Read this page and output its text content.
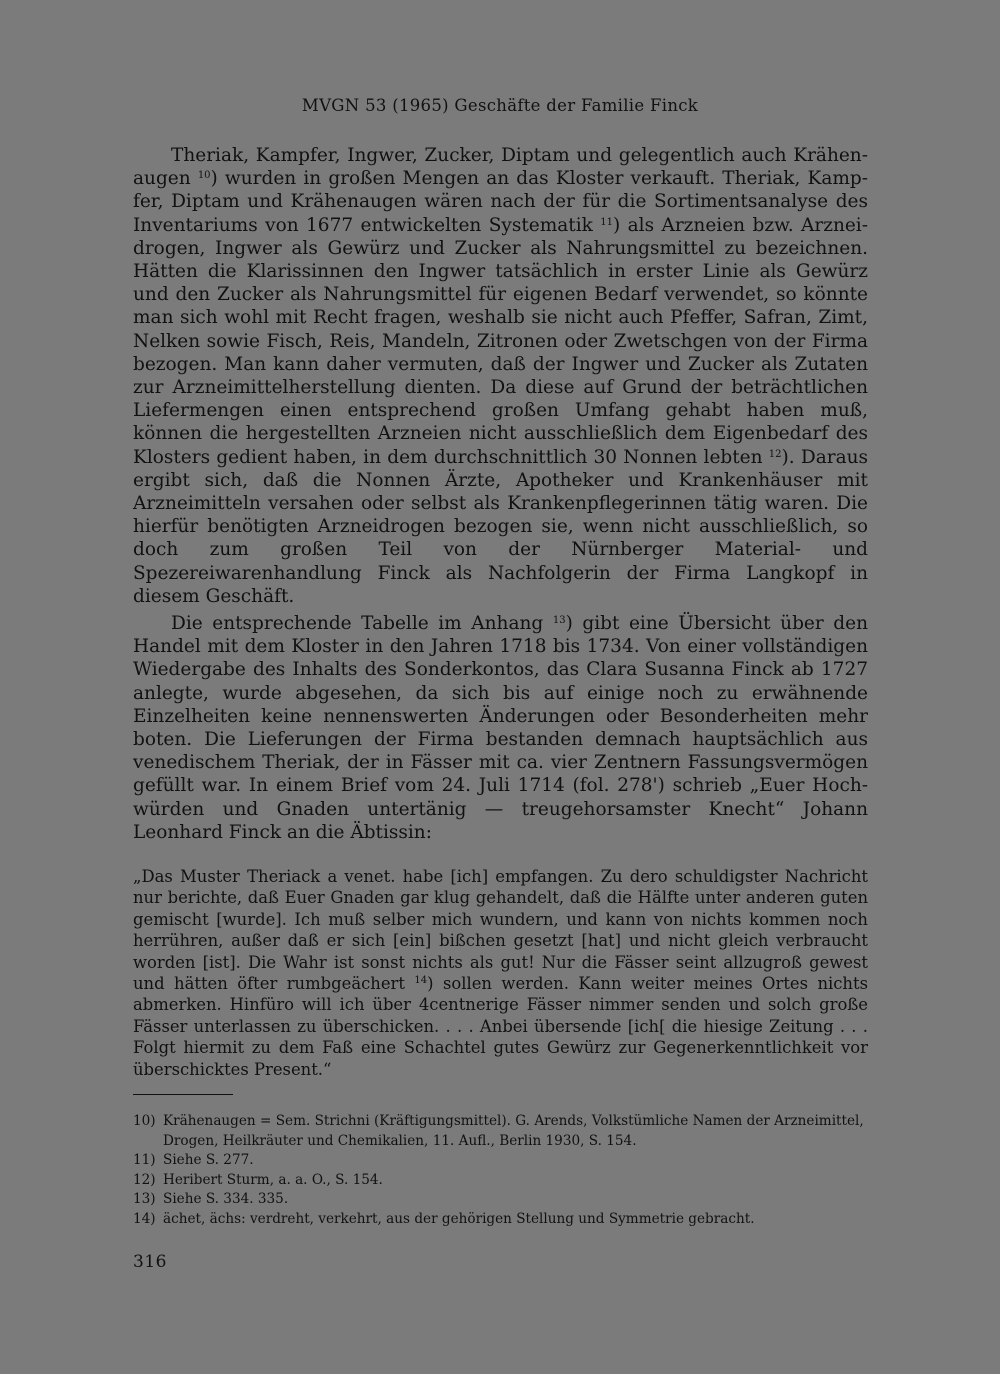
MVGN 53 (1965) Geschäfte der Familie Finck

Theriak, Kampfer, Ingwer, Zucker, Diptam und gelegentlich auch Krähenaugen $^{10}$) wurden in großen Mengen an das Kloster verkauft. Theriak, Kampfer, Diptam und Krähenaugen wären nach der für die Sortimentsanalyse des Inventariums von 1677 entwickelten Systematik $^{11}$) als Arzneien bzw. Arzneidrogen, Ingwer als Gewürz und Zucker als Nahrungsmittel zu bezeichnen. Hätten die Klarissinnen den Ingwer tatsächlich in erster Linie als Gewürz und den Zucker als Nahrungsmittel für eigenen Bedarf verwendet, so könnte man sich wohl mit Recht fragen, weshalb sie nicht auch Pfeffer, Safran, Zimt, Nelken sowie Fisch, Reis, Mandeln, Zitronen oder Zwetschgen von der Firma bezogen. Man kann daher vermuten, daß der Ingwer und Zucker als Zutaten zur Arzneimittelherstellung dienten. Da diese auf Grund der beträchtlichen Liefermengen einen entsprechend großen Umfang gehabt haben muß, können die hergestellten Arzneien nicht ausschließlich dem Eigenbedarf des Klosters gedient haben, in dem durchschnittlich 30 Nonnen lebten $^{12}$). Daraus ergibt sich, daß die Nonnen Ärzte, Apotheker und Krankenhäuser mit Arzneimitteln versahen oder selbst als Krankenpflegerinnen tätig waren. Die hierfür benötigten Arzneidrogen bezogen sie, wenn nicht ausschließlich, so doch zum großen Teil von der Nürnberger Material- und Spezereiwarenhandlung Finck als Nachfolgerin der Firma Langkopf in diesem Geschäft.

Die entsprechende Tabelle im Anhang $^{13}$) gibt eine Übersicht über den Handel mit dem Kloster in den Jahren 1718 bis 1734. Von einer vollständigen Wiedergabe des Inhalts des Sonderkontos, das Clara Susanna Finck ab 1727 anlegte, wurde abgesehen, da sich bis auf einige noch zu erwähnende Einzelheiten keine nennenswerten Änderungen oder Besonderheiten mehr boten. Die Lieferungen der Firma bestanden demnach hauptsächlich aus venedischem Theriak, der in Fässer mit ca. vier Zentnern Fassungsvermögen gefüllt war. In einem Brief vom 24. Juli 1714 (fol. 278') schrieb „Euer Hochwürden und Gnaden untertänig — treugehorsamster Knecht“ Johann Leonhard Finck an die Äbtissin:

„Das Muster Theriack a venet. habe [ich] empfangen. Zu dero schuldigster Nachricht nur berichte, daß Euer Gnaden gar klug gehandelt, daß die Hälfte unter anderen guten gemischt [wurde]. Ich muß selber mich wundern, und kann von nichts kommen noch herrühren, außer daß er sich [ein] bißchen gesetzt [hat] und nicht gleich verbraucht worden [ist]. Die Wahr ist sonst nichts als gut! Nur die Fässer seint allzugroß gewest und hätten öfter rumbgeächert $^{14}$) sollen werden. Kann weiter meines Ortes nichts abmerken. Hinfüro will ich über 4centnerige Fässer nimmer senden und solch große Fässer unterlassen zu überschicken. . . . Anbei übersende [ich[ die hiesige Zeitung . . . Folgt hiermit zu dem Faß eine Schachtel gutes Gewürz zur Gegenerkenntlichkeit vor überschicktes Present.“

10) Krähenaugen = Sem. Strichni (Kräftigungsmittel). G. Arends, Volkstümliche Namen der Arzneimittel, Drogen, Heilkräuter und Chemikalien, 11. Aufl., Berlin 1930, S. 154.
11) Siehe S. 277.
12) Heribert Sturm, a. a. O., S. 154.
13) Siehe S. 334. 335.
14) ächet, ächs: verdreht, verkehrt, aus der gehörigen Stellung und Symmetrie gebracht.
316
